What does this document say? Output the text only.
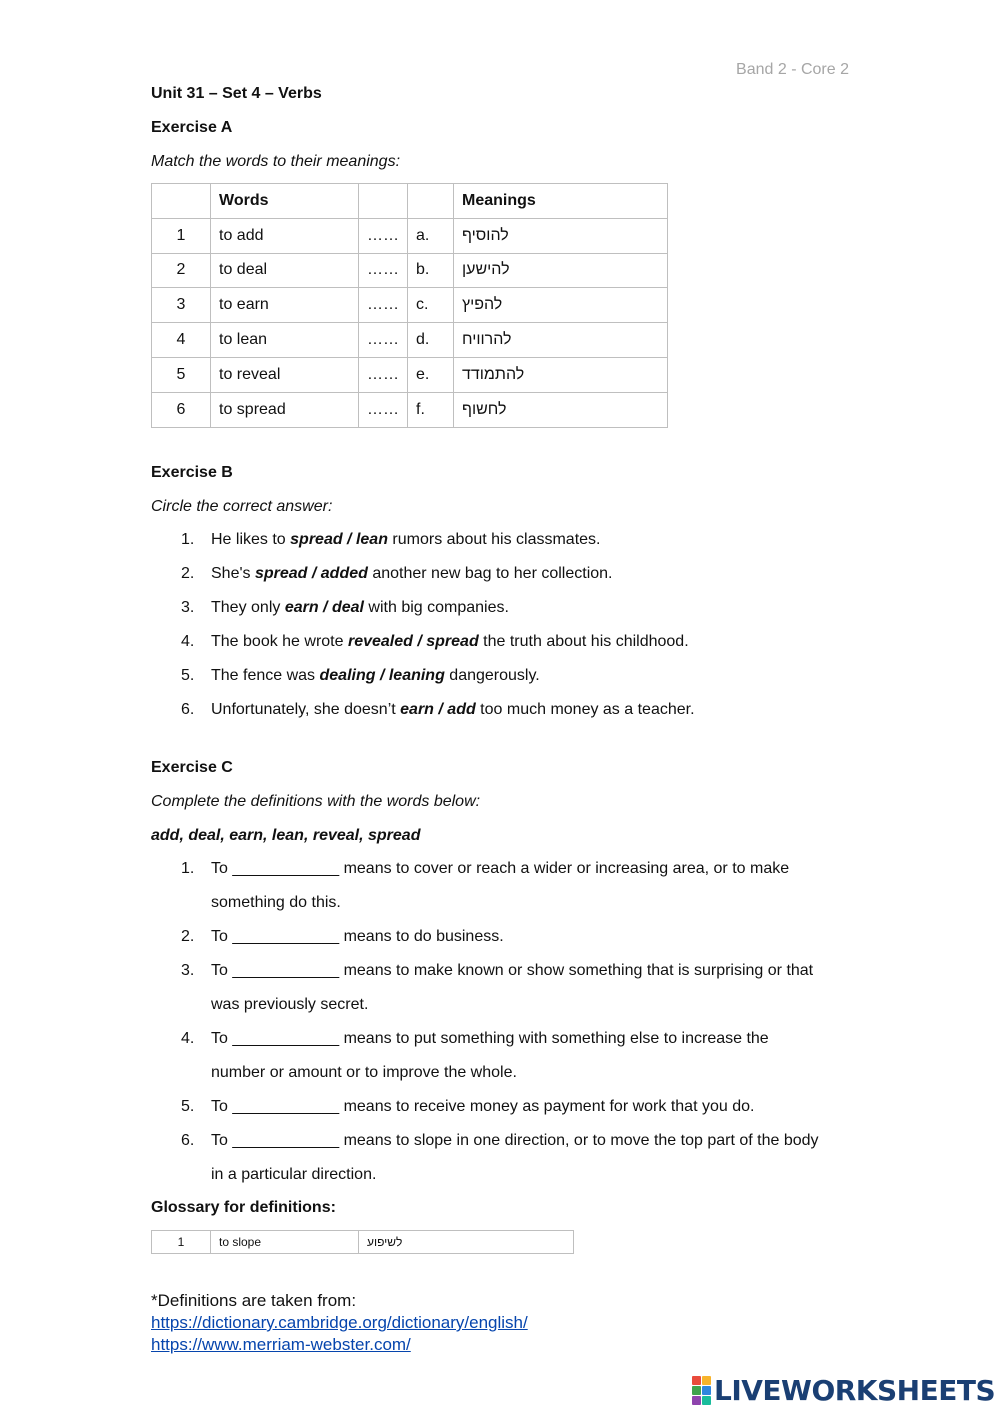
Band 2 - Core 2
Unit 31 – Set 4 – Verbs
Exercise A
Match the words to their meanings:
	Words			Meanings
1	to add	……	a.	להוסיף
2	to deal	……	b.	להישען
3	to earn	……	c.	להפיץ
4	to lean	……	d.	להרוויח
5	to reveal	……	e.	להתמודד
6	to spread	……	f.	לחשוף
Exercise B
Circle the correct answer:
1. He likes to spread / lean rumors about his classmates.
2. She's spread / added another new bag to her collection.
3. They only earn / deal with big companies.
4. The book he wrote revealed / spread the truth about his childhood.
5. The fence was dealing / leaning dangerously.
6. Unfortunately, she doesn’t earn / add too much money as a teacher.
Exercise C
Complete the definitions with the words below:
add, deal, earn, lean, reveal, spread
1. To ____________ means to cover or reach a wider or increasing area, or to make something do this.
2. To ____________ means to do business.
3. To ____________ means to make known or show something that is surprising or that was previously secret.
4. To ____________ means to put something with something else to increase the number or amount or to improve the whole.
5. To ____________ means to receive money as payment for work that you do.
6. To ____________ means to slope in one direction, or to move the top part of the body in a particular direction.
Glossary for definitions:
1	to slope	לשיפוע
*Definitions are taken from:
https://dictionary.cambridge.org/dictionary/english/
https://www.merriam-webster.com/
LIVEWORKSHEETS
